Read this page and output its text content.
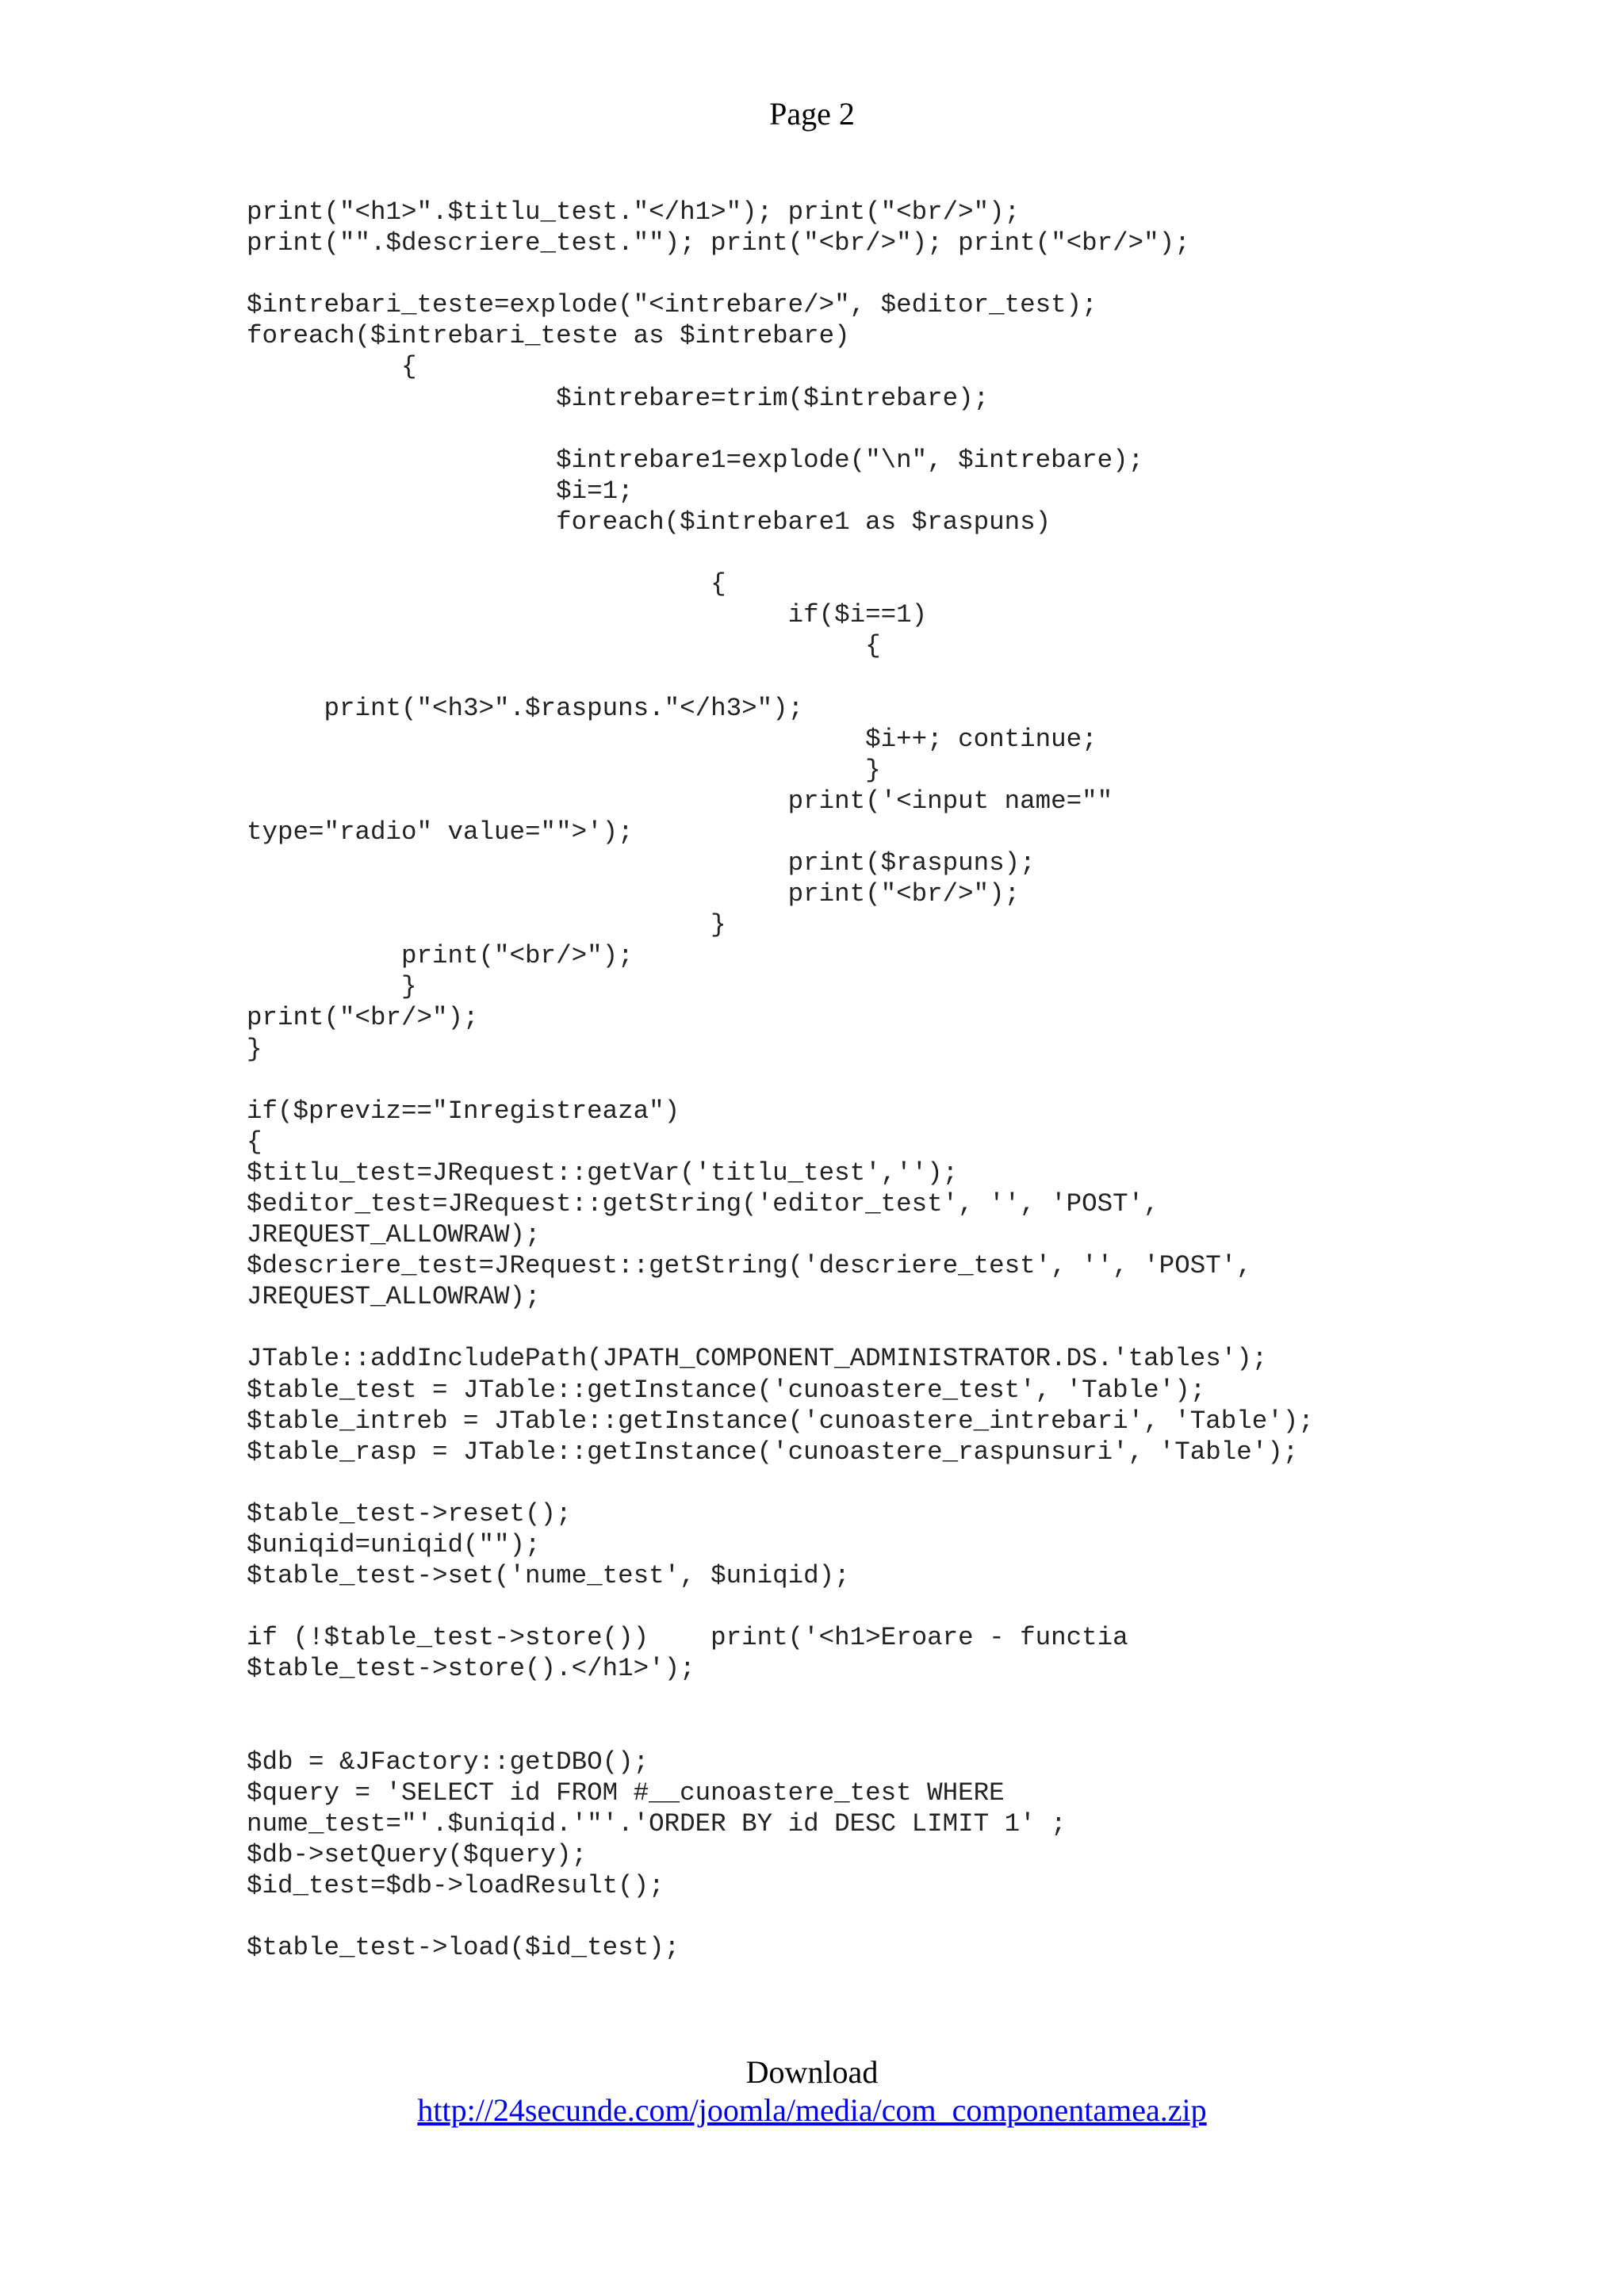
Page 2
print("<h1>".$titlu_test."</h1>"); print("<br/>");
print("".$descriere_test.""); print("<br/>"); print("<br/>");
$intrebari_teste=explode("<intrebare/>", $editor_test);
foreach($intrebari_teste as $intrebare)
{
$intrebare=trim($intrebare);
$intrebare1=explode("\n", $intrebare);
$i=1;
foreach($intrebare1 as $raspuns)
{
if($i==1)
{
print("<h3>".$raspuns."</h3>");
$i++; continue;
}
print('<input name=""
type="radio" value="">');
print($raspuns);
print("<br/>");
}
print("<br/>");
}
print("<br/>");
}
if($previz=="Inregistreaza")
{
$titlu_test=JRequest::getVar('titlu_test','');
$editor_test=JRequest::getString('editor_test', '', 'POST',
JREQUEST_ALLOWRAW);
$descriere_test=JRequest::getString('descriere_test', '', 'POST',
JREQUEST_ALLOWRAW);
JTable::addIncludePath(JPATH_COMPONENT_ADMINISTRATOR.DS.'tables');
$table_test = JTable::getInstance('cunoastere_test', 'Table');
$table_intreb = JTable::getInstance('cunoastere_intrebari', 'Table');
$table_rasp = JTable::getInstance('cunoastere_raspunsuri', 'Table');
$table_test->reset();
$uniqid=uniqid("");
$table_test->set('nume_test', $uniqid);
if (!$table_test->store())    print('<h1>Eroare - functia
$table_test->store().</h1>');
$db = &JFactory::getDBO();
$query = 'SELECT id FROM #__cunoastere_test WHERE
nume_test="'.$uniqid.'"'.'ORDER BY id DESC LIMIT 1' ;
$db->setQuery($query);
$id_test=$db->loadResult();
$table_test->load($id_test);
Download
http://24secunde.com/joomla/media/com_componentamea.zip
